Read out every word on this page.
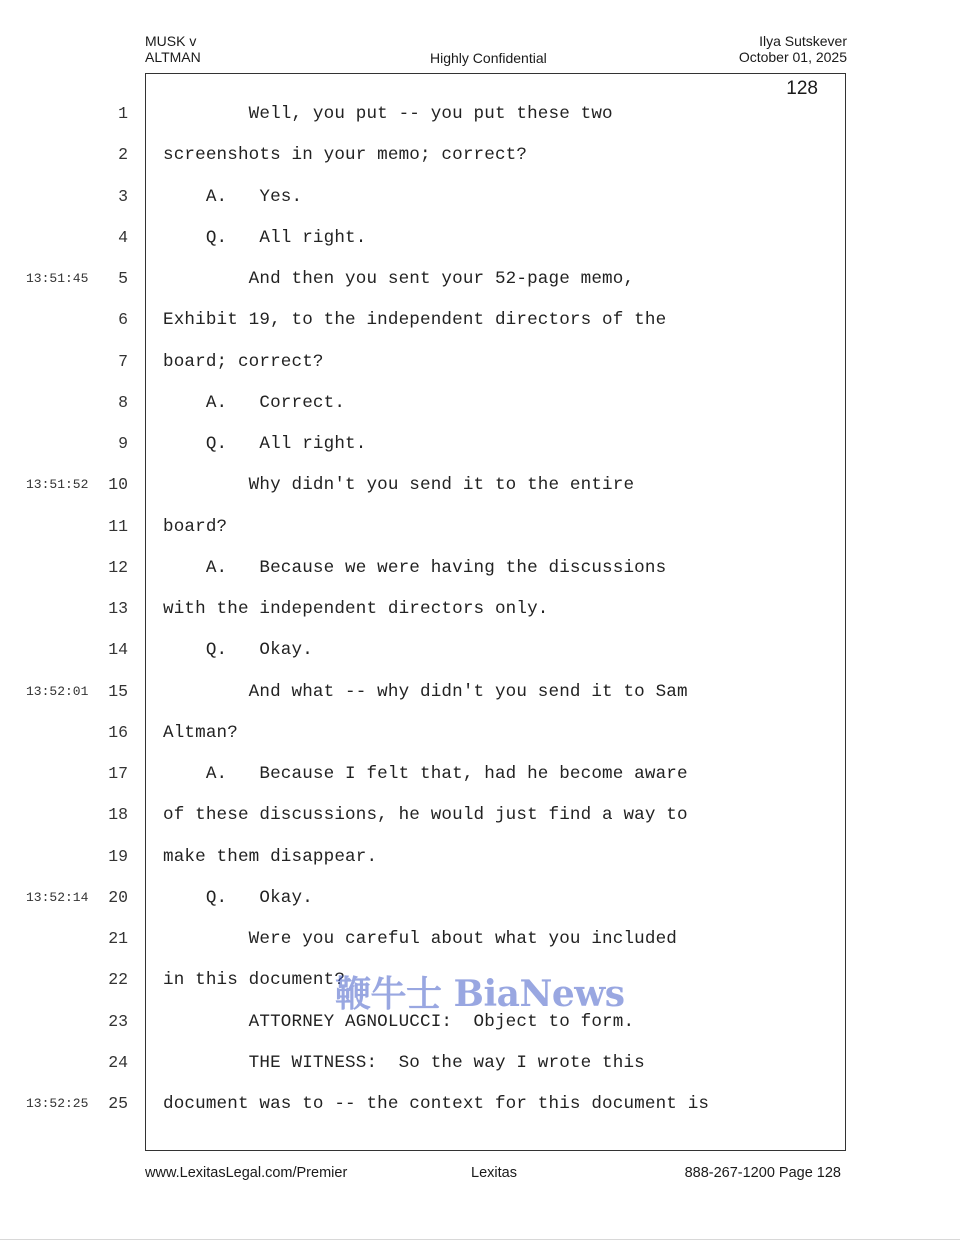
MUSK v
ALTMAN	Highly Confidential
Ilya Sutskever
October 01, 2025
128
1 Well, you put -- you put these two
2 screenshots in your memo; correct?
3 A.   Yes.
4 Q.   All right.
13:51:45	5 And then you sent your 52-page memo,
6 Exhibit 19, to the independent directors of the
7 board; correct?
8 A.   Correct.
9 Q.   All right.
13:51:52	10 Why didn't you send it to the entire
11 board?
12 A.   Because we were having the discussions
13 with the independent directors only.
14 Q.   Okay.
13:52:01	15 And what -- why didn't you send it to Sam
16 Altman?
17 A.   Because I felt that, had he become aware
18 of these discussions, he would just find a way to
19 make them disappear.
13:52:14	20 Q.   Okay.
21 Were you careful about what you included
22 in this document?
23 ATTORNEY AGNOLUCCI:  Object to form.
24 THE WITNESS:  So the way I wrote this
13:52:25	25 document was to -- the context for this document is
鞭牛士 BiaNews
www.LexitasLegal.com/Premier	Lexitas	888-267-1200 Page 128
